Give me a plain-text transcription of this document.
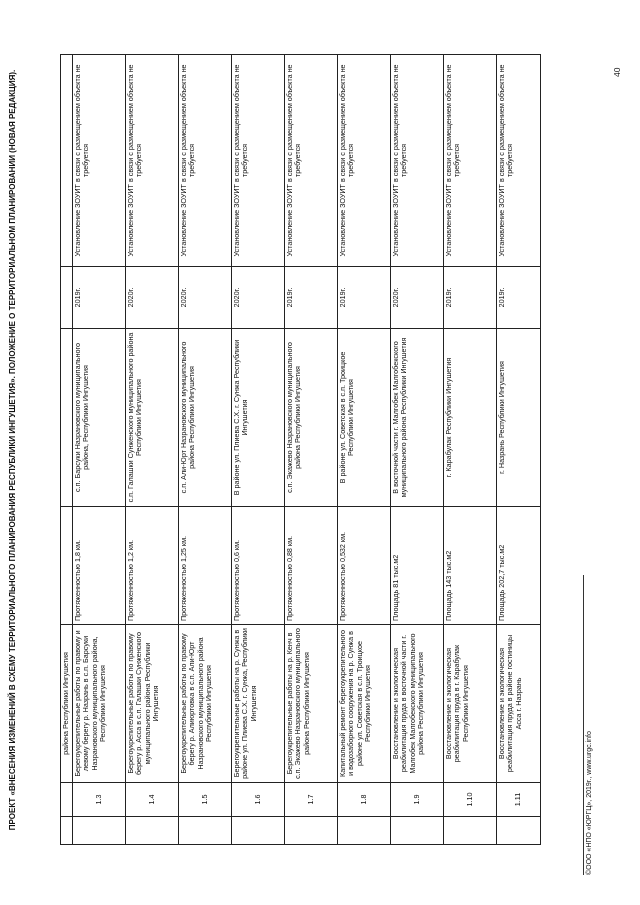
ПРОЕКТ «ВНЕСЕНИЯ ИЗМЕНЕНИЙ В СХЕМУ ТЕРРИТОРИАЛЬНОГО ПЛАНИРОВАНИЯ РЕСПУБЛИКИ ИНГУШЕТИЯ». ПОЛОЖЕНИЕ О ТЕРРИТОРИАЛЬНОМ ПЛАНИРОВАНИИ (НОВАЯ РЕДАКЦИЯ).
			района Республики Ингушетия				
	1.3	Берегоукрепительные работы по правому и левому берегу р. Назрань в с.п. Барсуки Назрановского муниципального района, Республики Ингушетия	Протяженностью 1,8 км.	с.п. Барсуки Назрановского муниципального района, Республики Ингушетия	2019г.	Установление ЗОУИТ в связи с размещением объекта не требуется
	1.4	Берегоукрепительные работы по правому берегу р. Асса в с.п. Галашки Сунженского муниципального района Республики Ингушетия	Протяженностью 1,2 км.	с.п. Галашки Сунженского муниципального района Республики Ингушетия	2020г.	Установление ЗОУИТ в связи с размещением объекта не требуется
	1.5	Берегоукрепительные работы по правому берегу р. Алиюртовка в с.п. Али-Юрт Назрановского муниципального района Республики Ингушетия	Протяженностью 1,25 км.	с.п. Али-Юрт Назрановского муниципального района Республики Ингушетия	2020г.	Установление ЗОУИТ в связи с размещением объекта не требуется
	1.6	Берегоукрепительные работы на р. Сунжа в районе ул. Плиева С.Х. г. Сунжа, Республики Ингушетия	Протяженностью 0,6 км.	В районе ул. Плиева С.Х. г. Сунжа Республики Ингушетия	2020г.	Установление ЗОУИТ в связи с размещением объекта не требуется
	1.7	Берегоукрепительные работы на р. Кенч в с.п. Экажево Назрановского муниципального района Республики Ингушетия	Протяженностью 0,88 км.	с.п. Экажево Назрановского муниципального района Республики Ингушетия	2019г.	Установление ЗОУИТ в связи с размещением объекта не требуется
	1.8	Капитальный ремонт берегоукрепительного и водозаборного сооружения на р. Сунжа в районе ул. Советская в с.п. Троицкое Республики Ингушетия	Протяженностью 0,532 км.	В районе ул. Советская в с.п. Троицкое Республики Ингушетия	2019г.	Установление ЗОУИТ в связи с размещением объекта не требуется
	1.9	Восстановление и экологическая реабилитация пруда в восточной части г. Малгобек Малгобекского муниципального района Республики Ингушетия	Площадь 81 тыс.м2	В восточной части г. Малгобек Малгобекского муниципального района Республики Ингушетия	2020г.	Установление ЗОУИТ в связи с размещением объекта не требуется
	1.10	Восстановление и экологическая реабилитация пруда в г. Карабулак Республики Ингушетия	Площадь 143 тыс.м2	г. Карабулак Республики Ингушетия	2019г.	Установление ЗОУИТ в связи с размещением объекта не требуется
	1.11	Восстановление и экологическая реабилитация пруда в районе гостиницы Асса г. Назрань	Площадь 202,7 тыс.м2	г. Назрань Республики Ингушетия	2019г.	Установление ЗОУИТ в связи с размещением объекта не требуется
©ООО «НПО «ЮРГЦ», 2019г., www.urgc.info
40
